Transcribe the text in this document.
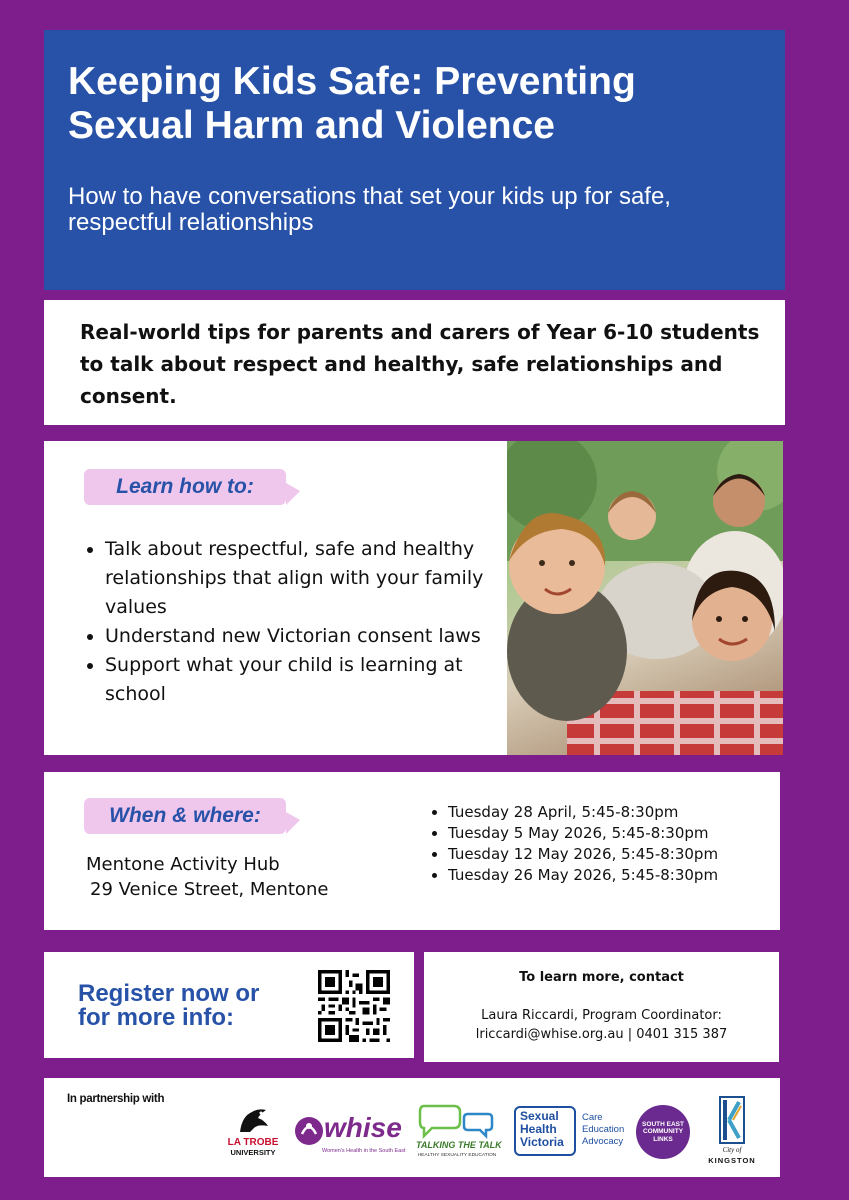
Keeping Kids Safe: Preventing Sexual Harm and Violence

How to have conversations that set your kids up for safe, respectful relationships

Real-world tips for parents and carers of Year 6-10 students to talk about respect and healthy, safe relationships and consent.

Learn how to:
• Talk about respectful, safe and healthy relationships that align with your family values
• Understand new Victorian consent laws
• Support what your child is learning at school
When & where:
Mentone Activity Hub
29 Venice Street, Mentone
• Tuesday 28 April, 5:45-8:30pm
• Tuesday 5 May 2026, 5:45-8:30pm
• Tuesday 12 May 2026, 5:45-8:30pm
• Tuesday 26 May 2026, 5:45-8:30pm
Register now or
for more info:
To learn more, contact
Laura Riccardi, Program Coordinator:
lriccardi@whise.org.au | 0401 315 387
In partnership with
LA TROBE
UNIVERSITY
whise
Women's Health in the South East
TALKING THE TALK
HEALTHY SEXUALITY EDUCATION
Sexual
Health
Victoria
Care
Education
Advocacy
SOUTH EAST
COMMUNITY
LINKS
City of
KINGSTON
